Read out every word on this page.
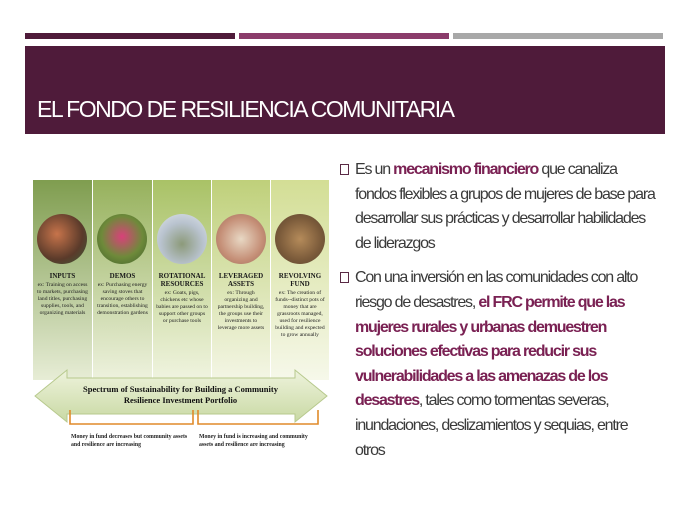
EL FONDO DE RESILIENCIA COMUNITARIA
INPUTS
ex: Training on access to markets, purchasing land titles, purchasing supplies, tools, and organizing materials
DEMOS
ex: Purchasing energy saving stoves that encourage others to transition, establishing demonstration gardens
ROTATIONAL RESOURCES
ex: Goats, pigs, chickens etc whose babies are passed on to support other groups or purchase tools
LEVERAGED ASSETS
ex: Through organizing and partnership building, the groups use their investments to leverage more assets
REVOLVING FUND
ex: The creation of funds--distinct pots of money that are grassroots managed, used for resilience building and expected to grow annually
Spectrum of Sustainability for Building a Community Resilience Investment Portfolio
Money in fund decreases but community assets and resilience are increasing
Money in fund is increasing and community assets and resilience are increasing
Es un mecanismo financiero que canaliza fondos flexibles a grupos de mujeres de base para desarrollar sus prácticas y desarrollar habilidades de liderazgos
Con una inversión en las comunidades con alto riesgo de desastres, el FRC permite que las mujeres rurales y urbanas demuestren soluciones efectivas para reducir sus vulnerabilidades a las amenazas de los desastres, tales como tormentas severas, inundaciones, deslizamientos y sequias, entre otros
